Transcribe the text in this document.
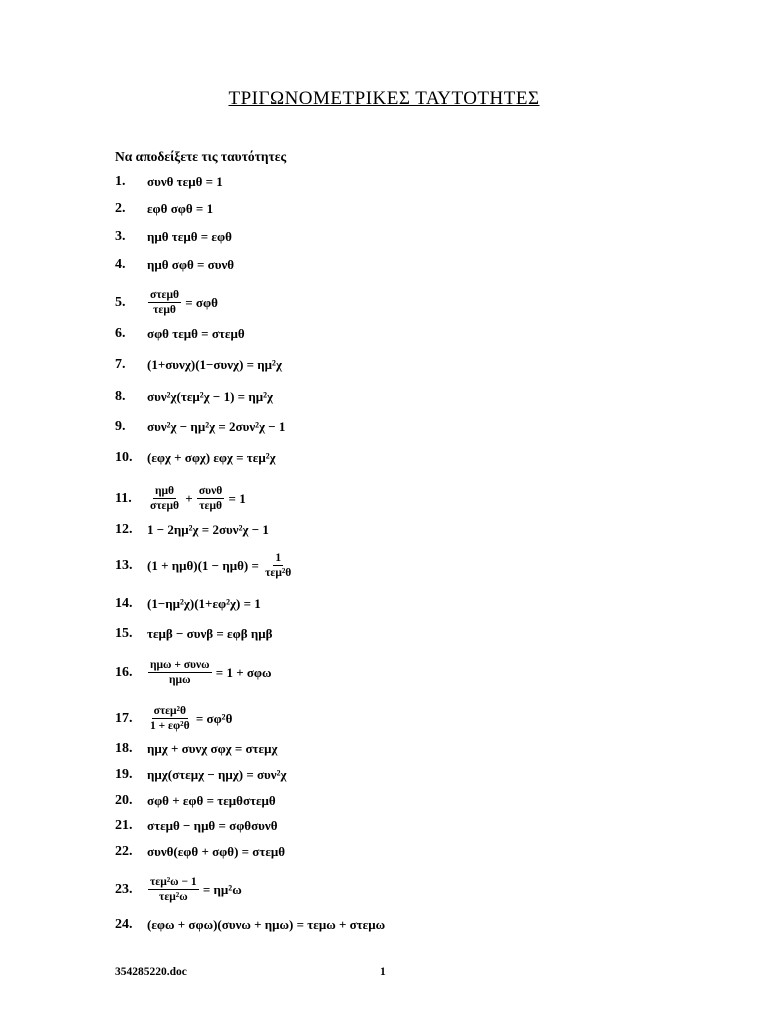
ΤΡΙΓΩΝΟΜΕΤΡΙΚΕΣ ΤΑΥΤΟΤΗΤΕΣ
Να αποδείξετε τις ταυτότητες
1.	συνθ τεμθ = 1
2.	εφθ σφθ = 1
3.	ημθ τεμθ = εφθ
4.	ημθ σφθ = συνθ
5.	$\frac{\text{στεμθ}}{\text{τεμθ}} = \sigma\varphi\theta$
6.	σφθ τεμθ = στεμθ
7.	(1+συνχ)(1−συνχ) = ημ²χ
8.	συν²χ(τεμ²χ − 1) = ημ²χ
9.	συν²χ − ημ²χ = 2συν²χ − 1
10.	(εφχ + σφχ) εφχ = τεμ²χ
11.	$\frac{\text{ημθ}}{\text{στεμθ}} + \frac{\text{συνθ}}{\text{τεμθ}} = 1$
12.	1 − 2ημ²χ = 2συν²χ − 1
13.	$(1 + \eta\mu\theta)(1 - \eta\mu\theta) = \frac{1}{\text{τεμ²θ}}$
14.	(1−ημ²χ)(1+εφ²χ) = 1
15.	τεμβ − συνβ = εφβ ημβ
16.	$\frac{\text{ημω + συνω}}{\text{ημω}} = 1 + \sigma\varphi\omega$
17.	$\frac{\text{στεμ²θ}}{\text{1 + εφ²θ}} = \sigma\varphi^2\theta$
18.	ημχ + συνχ σφχ = στεμχ
19.	ημχ(στεμχ − ημχ) = συν²χ
20.	σφθ + εφθ = τεμθστεμθ
21.	στεμθ − ημθ = σφθσυνθ
22.	συνθ(εφθ + σφθ) = στεμθ
23.	$\frac{\text{τεμ²ω − 1}}{\text{τεμ²ω}} = \eta\mu^2\omega$
24.	(εφω + σφω)(συνω + ημω) = τεμω + στεμω
354285220.doc	1
